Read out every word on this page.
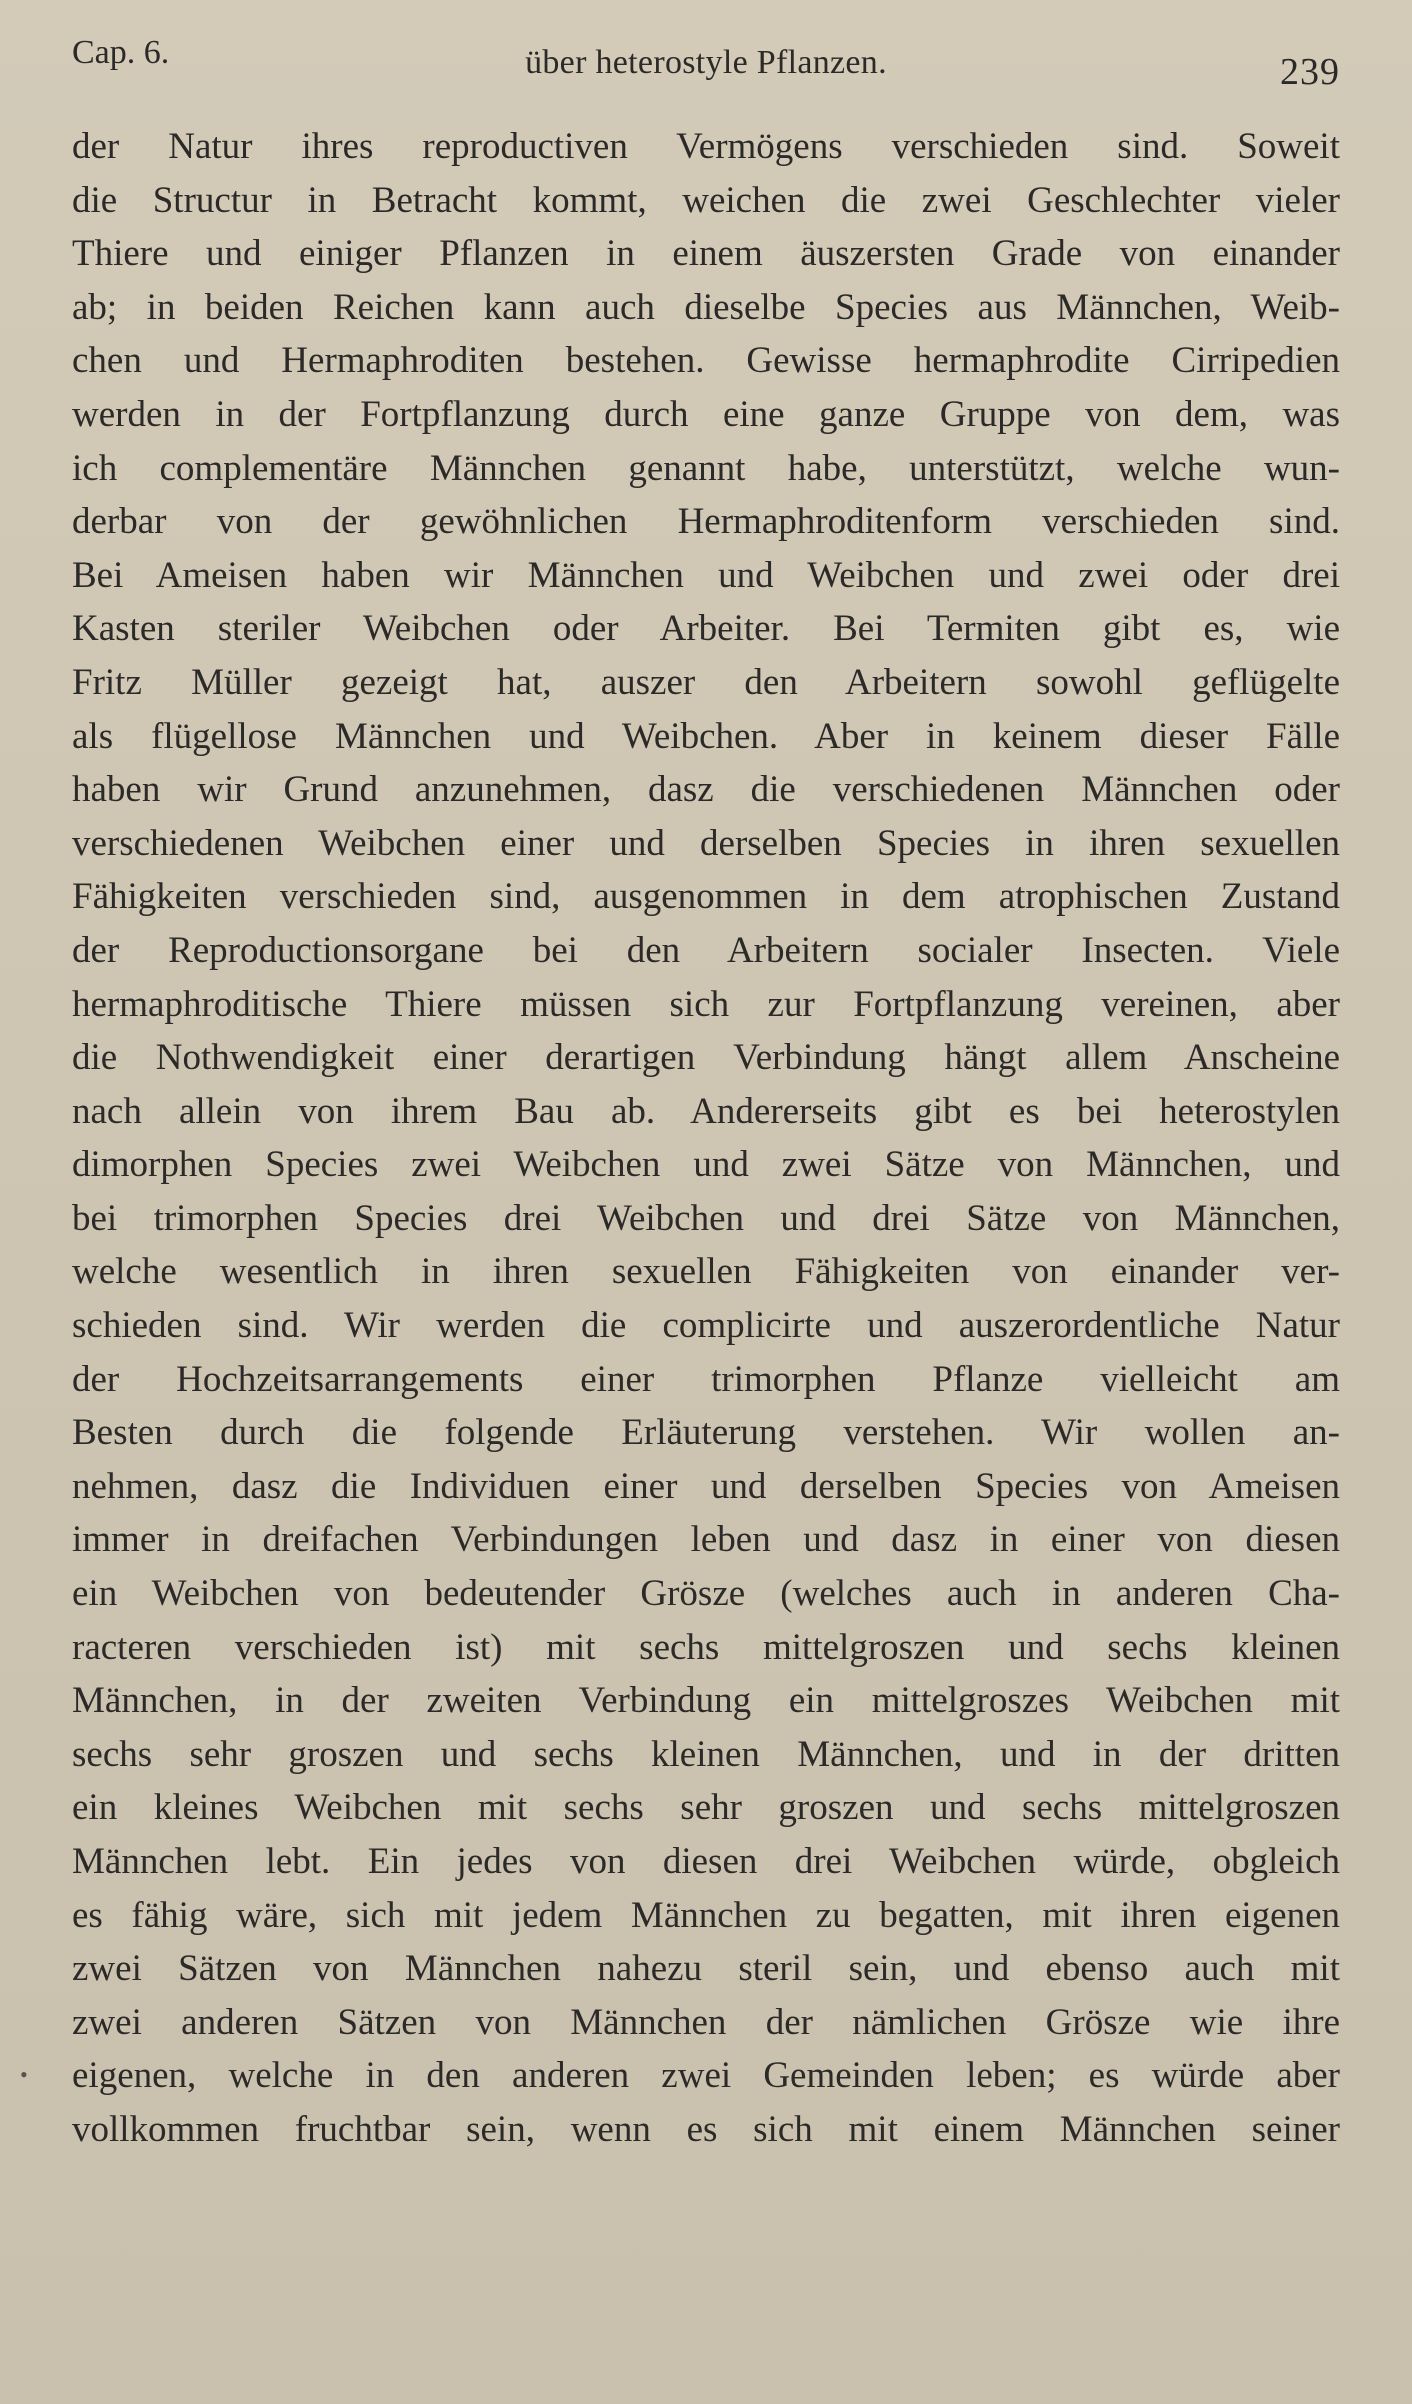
Cap. 6.	über heterostyle Pflanzen.	239
der Natur ihres reproductiven Vermögens verschieden sind. Soweit
die Structur in Betracht kommt, weichen die zwei Geschlechter vieler
Thiere und einiger Pflanzen in einem äuszersten Grade von einander
ab; in beiden Reichen kann auch dieselbe Species aus Männchen, Weib-
chen und Hermaphroditen bestehen. Gewisse hermaphrodite Cirripedien
werden in der Fortpflanzung durch eine ganze Gruppe von dem, was
ich complementäre Männchen genannt habe, unterstützt, welche wun-
derbar von der gewöhnlichen Hermaphroditenform verschieden sind.
Bei Ameisen haben wir Männchen und Weibchen und zwei oder drei
Kasten steriler Weibchen oder Arbeiter. Bei Termiten gibt es, wie
Fritz Müller gezeigt hat, auszer den Arbeitern sowohl geflügelte
als flügellose Männchen und Weibchen. Aber in keinem dieser Fälle
haben wir Grund anzunehmen, dasz die verschiedenen Männchen oder
verschiedenen Weibchen einer und derselben Species in ihren sexuellen
Fähigkeiten verschieden sind, ausgenommen in dem atrophischen Zustand
der Reproductionsorgane bei den Arbeitern socialer Insecten. Viele
hermaphroditische Thiere müssen sich zur Fortpflanzung vereinen, aber
die Nothwendigkeit einer derartigen Verbindung hängt allem Anscheine
nach allein von ihrem Bau ab. Andererseits gibt es bei heterostylen
dimorphen Species zwei Weibchen und zwei Sätze von Männchen, und
bei trimorphen Species drei Weibchen und drei Sätze von Männchen,
welche wesentlich in ihren sexuellen Fähigkeiten von einander ver-
schieden sind. Wir werden die complicirte und auszerordentliche Natur
der Hochzeitsarrangements einer trimorphen Pflanze vielleicht am
Besten durch die folgende Erläuterung verstehen. Wir wollen an-
nehmen, dasz die Individuen einer und derselben Species von Ameisen
immer in dreifachen Verbindungen leben und dasz in einer von diesen
ein Weibchen von bedeutender Grösze (welches auch in anderen Cha-
racteren verschieden ist) mit sechs mittelgroszen und sechs kleinen
Männchen, in der zweiten Verbindung ein mittelgroszes Weibchen mit
sechs sehr groszen und sechs kleinen Männchen, und in der dritten
ein kleines Weibchen mit sechs sehr groszen und sechs mittelgroszen
Männchen lebt. Ein jedes von diesen drei Weibchen würde, obgleich
es fähig wäre, sich mit jedem Männchen zu begatten, mit ihren eigenen
zwei Sätzen von Männchen nahezu steril sein, und ebenso auch mit
zwei anderen Sätzen von Männchen der nämlichen Grösze wie ihre
eigenen, welche in den anderen zwei Gemeinden leben; es würde aber
vollkommen fruchtbar sein, wenn es sich mit einem Männchen seiner
•
